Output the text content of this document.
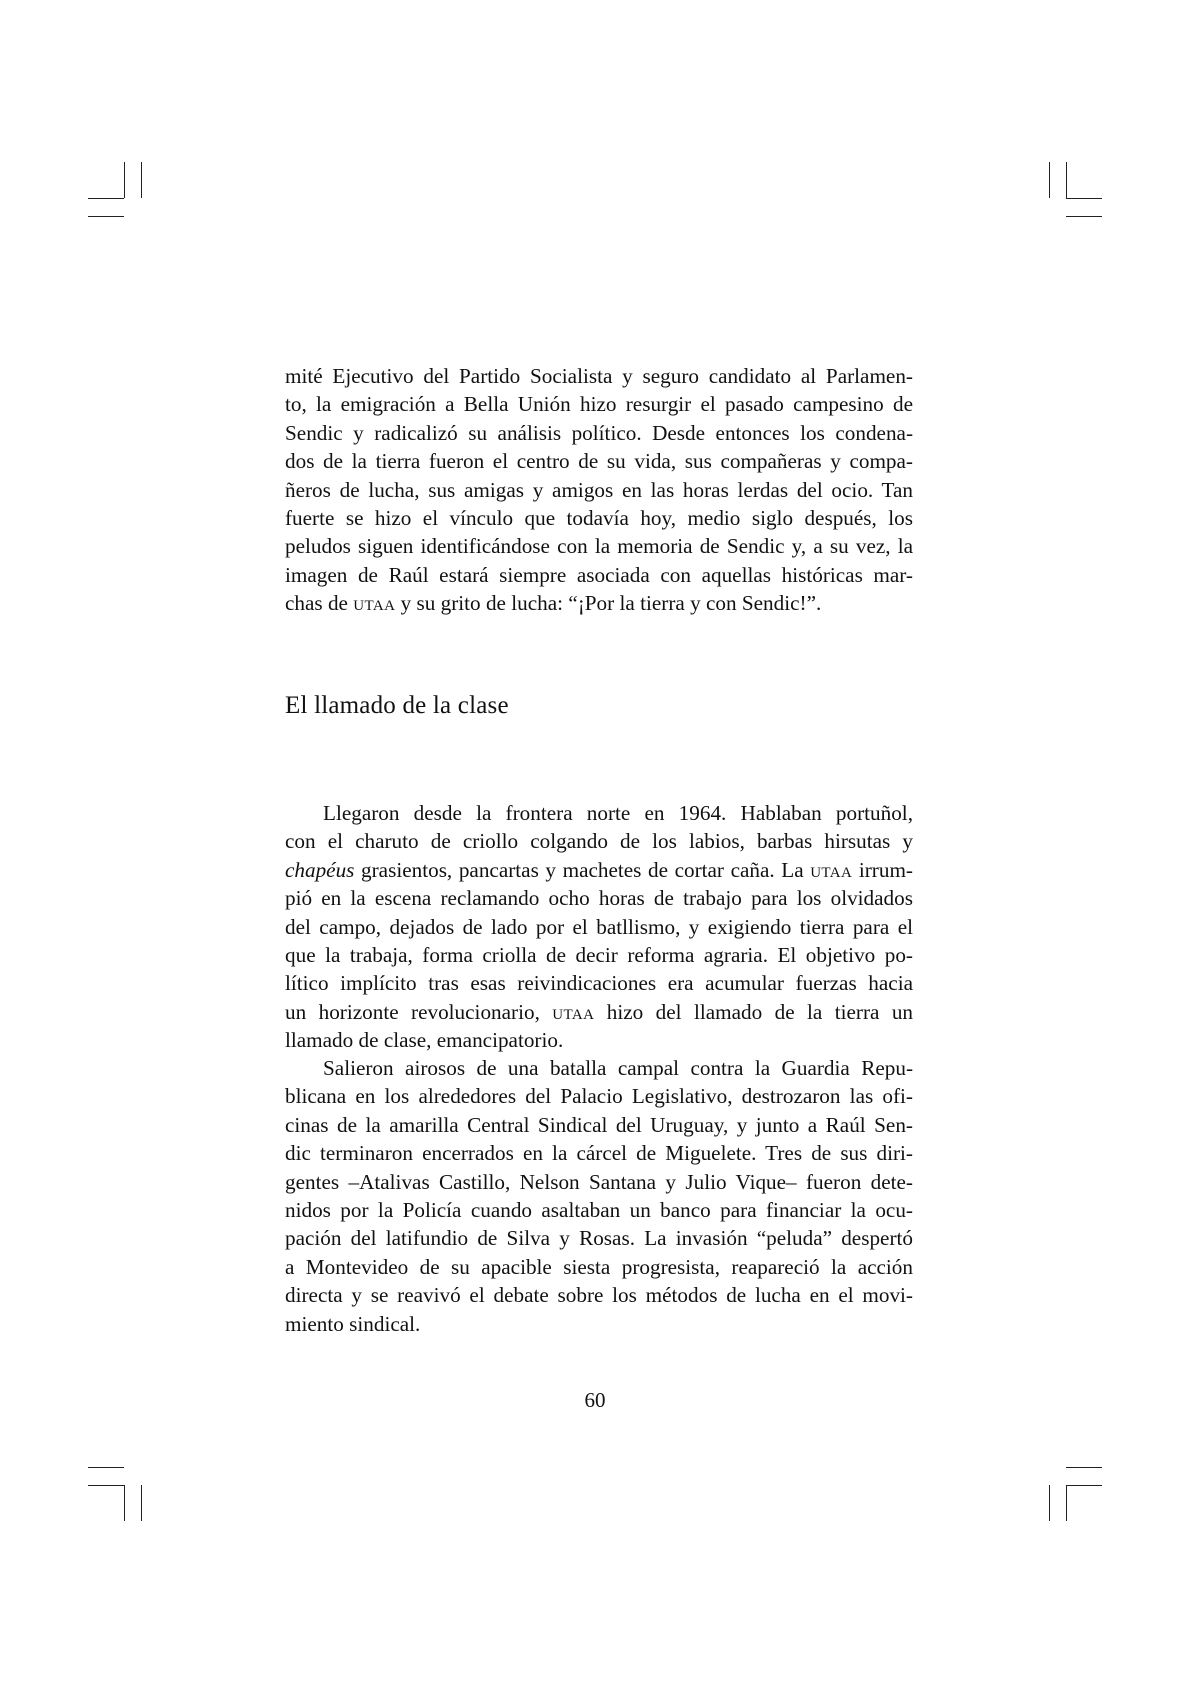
mité Ejecutivo del Partido Socialista y seguro candidato al Parlamen-

to, la emigración a Bella Unión hizo resurgir el pasado campesino de

Sendic y radicalizó su análisis político. Desde entonces los condena-

dos de la tierra fueron el centro de su vida, sus compañeras y compa-

ñeros de lucha, sus amigas y amigos en las horas lerdas del ocio. Tan

fuerte se hizo el vínculo que todavía hoy, medio siglo después, los

peludos siguen identificándose con la memoria de Sendic y, a su vez, la

imagen de Raúl estará siempre asociada con aquellas históricas mar-

chas de utaa y su grito de lucha: “¡Por la tierra y con Sendic!”.

El llamado de la clase

Llegaron desde la frontera norte en 1964. Hablaban portuñol,

con el charuto de criollo colgando de los labios, barbas hirsutas y

chapéus grasientos, pancartas y machetes de cortar caña. La utaa irrum-

pió en la escena reclamando ocho horas de trabajo para los olvidados

del campo, dejados de lado por el batllismo, y exigiendo tierra para el

que la trabaja, forma criolla de decir reforma agraria. El objetivo po-

lítico implícito tras esas reivindicaciones era acumular fuerzas hacia

un horizonte revolucionario, utaa hizo del llamado de la tierra un

llamado de clase, emancipatorio.

Salieron airosos de una batalla campal contra la Guardia Repu-

blicana en los alrededores del Palacio Legislativo, destrozaron las ofi-

cinas de la amarilla Central Sindical del Uruguay, y junto a Raúl Sen-

dic terminaron encerrados en la cárcel de Miguelete. Tres de sus diri-

gentes –Atalivas Castillo, Nelson Santana y Julio Vique– fueron dete-

nidos por la Policía cuando asaltaban un banco para financiar la ocu-

pación del latifundio de Silva y Rosas. La invasión “peluda” despertó

a Montevideo de su apacible siesta progresista, reapareció la acción

directa y se reavivó el debate sobre los métodos de lucha en el movi-

miento sindical.

60
